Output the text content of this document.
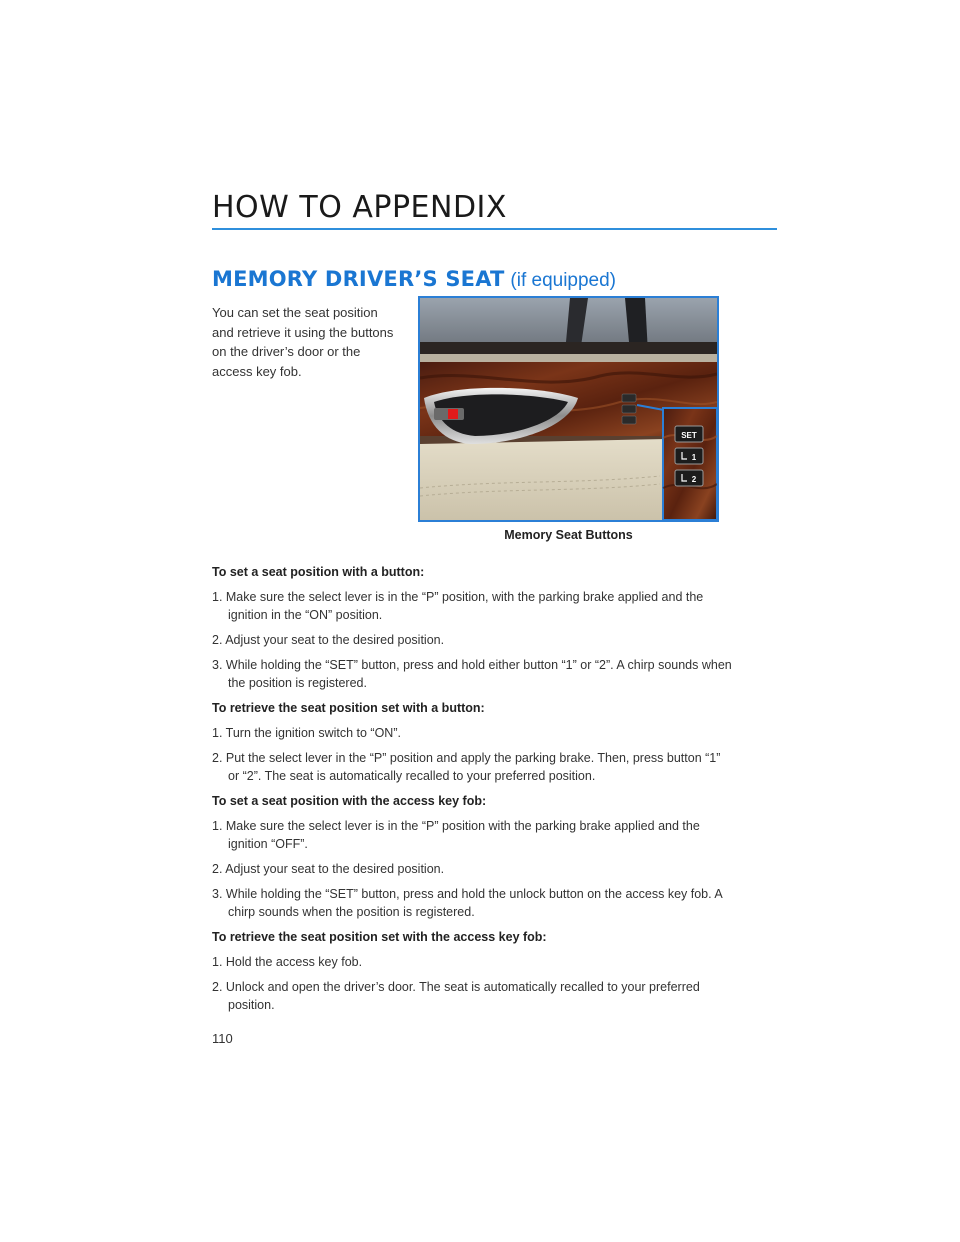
HOW TO APPENDIX
MEMORY DRIVER’S SEAT (if equipped)

You can set the seat position and retrieve it using the buttons on the driver’s door or the access key fob.

SET
1
2
Memory Seat Buttons

To set a seat position with a button:

1. Make sure the select lever is in the “P” position, with the parking brake applied and the ignition in the “ON” position.
2. Adjust your seat to the desired position.
3. While holding the “SET” button, press and hold either button “1” or “2”. A chirp sounds when the position is registered.

To retrieve the seat position set with a button:

1. Turn the ignition switch to “ON”.
2. Put the select lever in the “P” position and apply the parking brake. Then, press button “1” or “2”. The seat is automatically recalled to your preferred position.

To set a seat position with the access key fob:

1. Make sure the select lever is in the “P” position with the parking brake applied and the ignition “OFF”.
2. Adjust your seat to the desired position.
3. While holding the “SET” button, press and hold the unlock button on the access key fob. A chirp sounds when the position is registered.

To retrieve the seat position set with the access key fob:

1. Hold the access key fob.
2. Unlock and open the driver’s door. The seat is automatically recalled to your preferred position.
110
